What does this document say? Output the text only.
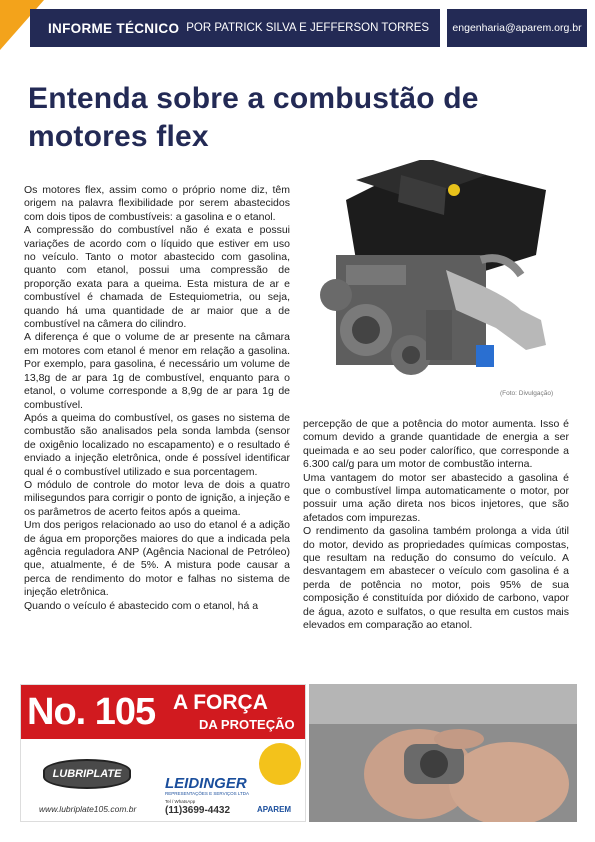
INFORME TÉCNICO POR PATRICK SILVA E JEFFERSON TORRES engenharia@aparem.org.br
Entenda sobre a combustão de
motores flex

Os motores flex, assim como o próprio nome diz, têm origem na palavra flexibilidade por serem abastecidos com dois tipos de combustíveis: a gasolina e o etanol.

A compressão do combustível não é exata e possui variações de acordo com o líquido que estiver em uso no veículo. Tanto o motor abastecido com gasolina, quanto com etanol, possui uma compressão de proporção exata para a queima. Esta mistura de ar e combustível é chamada de Estequiometria, ou seja, quando há uma quantidade de ar maior que a de combustível na câmera do cilindro.

A diferença é que o volume de ar presente na câmara em motores com etanol é menor em relação a gasolina. Por exemplo, para gasolina, é necessário um volume de 13,8g de ar para 1g de combustível, enquanto para o etanol, o volume corresponde a 8,9g de ar para 1g de combustível.

Após a queima do combustível, os gases no sistema de combustão são analisados pela sonda lambda (sensor de oxigênio localizado no escapamento) e o resultado é enviado a injeção eletrônica, onde é possível identificar qual é o combustível utilizado e sua porcentagem.

O módulo de controle do motor leva de dois a quatro milisegundos para corrigir o ponto de ignição, a injeção e os parâmetros de acerto feitos após a queima.

Um dos perigos relacionado ao uso do etanol é a adição de água em proporções maiores do que a indicada pela agência reguladora ANP (Agência Nacional de Petróleo) que, atualmente, é de 5%. A mistura pode causar a perca de rendimento do motor e falhas no sistema de injeção eletrônica.

Quando o veículo é abastecido com o etanol, há a

(Foto: Divulgação)

percepção de que a potência do motor aumenta. Isso é comum devido a grande quantidade de energia a ser queimada e ao seu poder calorífico, que corresponde a 6.300 cal/g para um motor de combustão interna.

Uma vantagem do motor ser abastecido a gasolina é que o combustível limpa automaticamente o motor, por possuir uma ação direta nos bicos injetores, que são afetados com impurezas.

O rendimento da gasolina também prolonga a vida útil do motor, devido as propriedades químicas compostas, que resultam na redução do consumo do veículo. A desvantagem em abastecer o veículo com gasolina é a perda de potência no motor, pois 95% de sua composição é constituída por dióxido de carbono, vapor de água, azoto e sulfatos, o que resulta em custos mais elevados em comparação ao etanol.

No. 105 A FORÇA
DA PROTEÇÃO
LUBRIPLATE
www.lubriplate105.com.br
LEIDINGER
REPRESENTAÇÕES E SERVIÇOS LTDA
Tel / WhatsApp
(11)3699-4432	APAREM
